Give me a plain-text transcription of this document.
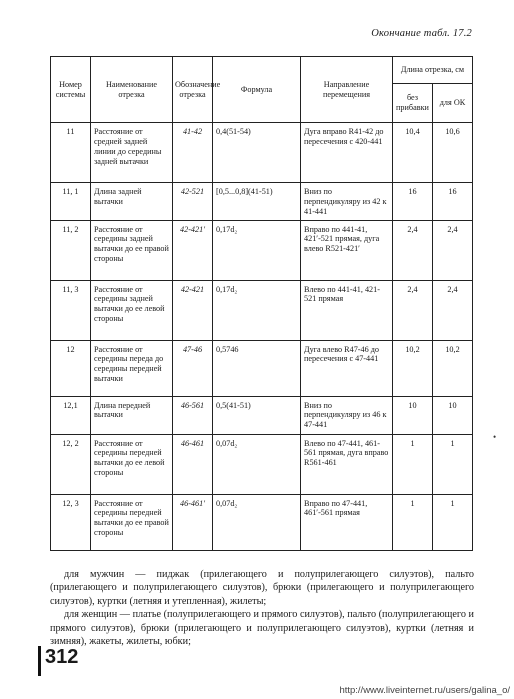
Окончание табл. 17.2
Номер системы	Наименование отрезка	Обозначение отрезка	Формула	Направление перемещения	Длина отрезка, см	
					без прибавки	для ОК
11	Расстояние от средней задней линии до середины задней вытачки	41-42	0,4(51-54)	Дуга вправо R41-42 до пересечения с 420-441	10,4	10,6
11, 1	Длина задней вытачки	42-521	[0,5...0,8](41-51)	Вниз по перпендикуляру из 42 к 41-441	16	16
11, 2	Расстояние от середины задней вытачки до ее правой стороны	42-421′	0,17d₂	Вправо по 441-41, 421′-521 прямая, дуга влево R521-421′	2,4	2,4
11, 3	Расстояние от середины задней вытачки до ее левой стороны	42-421	0,17d₂	Влево по 441-41, 421-521 прямая	2,4	2,4
12	Расстояние от середины переда до середины передней вытачки	47-46	0,5746	Дуга влево R47-46 до пересечения с 47-441	10,2	10,2
12,1	Длина передней вытачки	46-561	0,5(41-51)	Вниз по перпендикуляру из 46 к 47-441	10	10
12, 2	Расстояние от середины передней вытачки до ее левой стороны	46-461	0,07d₂	Влево по 47-441, 461-561 прямая, дуга вправо R561-461	1	1
12, 3	Расстояние от середины передней вытачки до ее правой стороны	46-461′	0,07d₂	Вправо по 47-441, 461′-561 прямая	1	1
•

для мужчин — пиджак (прилегающего и полуприлегающего силуэтов), пальто (прилегающего и полуприлегающего силуэтов), брюки (прилегающего и полуприлегающего силуэтов), куртки (летняя и утепленная), жилеты;

для женщин — платье (полуприлегающего и прямого силуэтов), пальто (полуприлегающего и прямого силуэтов), брюки (прилегающего и полуприлегающего силуэтов), куртки (летняя и зимняя), жакеты, жилеты, юбки;

312
http://www.liveinternet.ru/users/galina_o/
